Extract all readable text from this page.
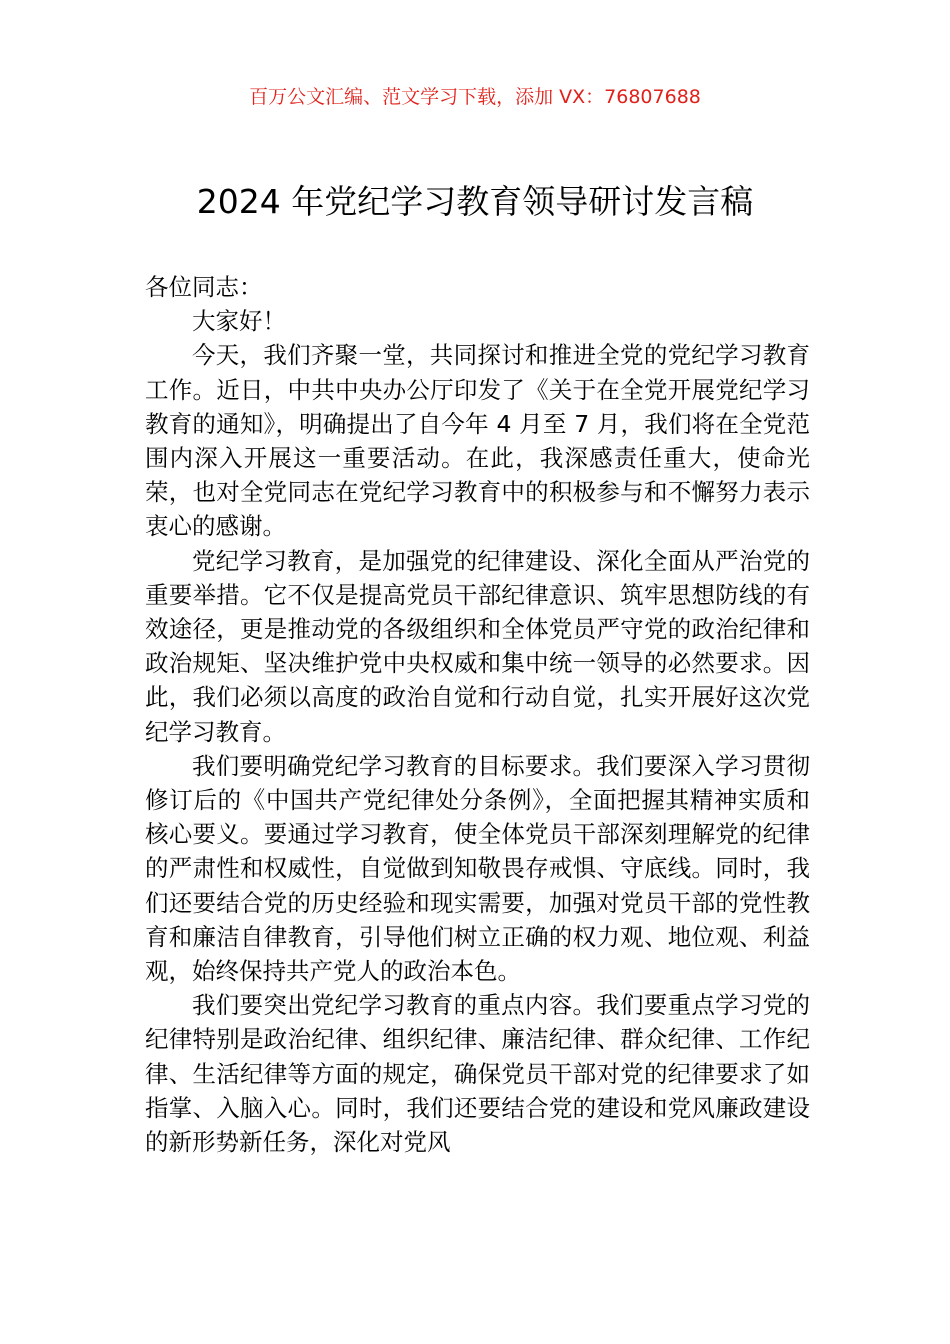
百万公文汇编、范文学习下载，添加 VX：76807688
2024 年党纪学习教育领导研讨发言稿

各位同志：

大家好！

今天，我们齐聚一堂，共同探讨和推进全党的党纪学习教育工作。近日，中共中央办公厅印发了《关于在全党开展党纪学习教育的通知》，明确提出了自今年 4 月至 7 月，我们将在全党范围内深入开展这一重要活动。在此，我深感责任重大，使命光荣，也对全党同志在党纪学习教育中的积极参与和不懈努力表示衷心的感谢。

党纪学习教育，是加强党的纪律建设、深化全面从严治党的重要举措。它不仅是提高党员干部纪律意识、筑牢思想防线的有效途径，更是推动党的各级组织和全体党员严守党的政治纪律和政治规矩、坚决维护党中央权威和集中统一领导的必然要求。因此，我们必须以高度的政治自觉和行动自觉，扎实开展好这次党纪学习教育。

我们要明确党纪学习教育的目标要求。我们要深入学习贯彻修订后的《中国共产党纪律处分条例》，全面把握其精神实质和核心要义。要通过学习教育，使全体党员干部深刻理解党的纪律的严肃性和权威性，自觉做到知敬畏存戒惧、守底线。同时，我们还要结合党的历史经验和现实需要，加强对党员干部的党性教育和廉洁自律教育，引导他们树立正确的权力观、地位观、利益观，始终保持共产党人的政治本色。

我们要突出党纪学习教育的重点内容。我们要重点学习党的纪律特别是政治纪律、组织纪律、廉洁纪律、群众纪律、工作纪律、生活纪律等方面的规定，确保党员干部对党的纪律要求了如指掌、入脑入心。同时，我们还要结合党的建设和党风廉政建设的新形势新任务，深化对党风
